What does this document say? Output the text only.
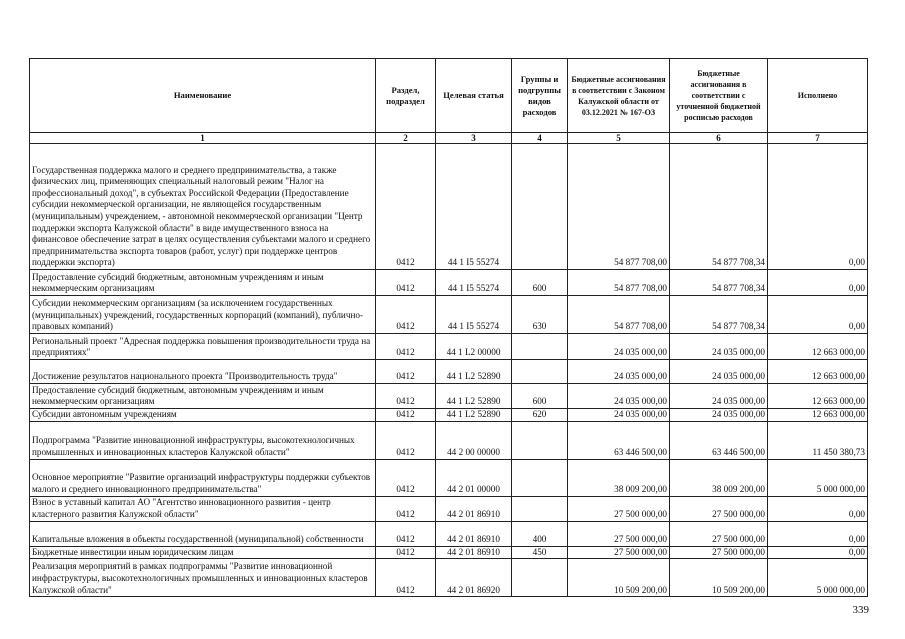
Наименование	Раздел, подраздел	Целевая статья	Группы и подгруппы видов расходов	Бюджетные ассигнования в соответствии с Законом Калужской области от 03.12.2021 № 167-ОЗ	Бюджетные ассигнования в соответствии с уточненной бюджетной росписью расходов	Исполнено
1	2	3	4	5	6	7
Государственная поддержка малого и среднего предпринимательства, а также физических лиц, применяющих специальный налоговый режим "Налог на профессиональный доход", в субъектах Российской Федерации (Предоставление субсидии некоммерческой организации, не являющейся государственным (муниципальным) учреждением, - автономной некоммерческой организации "Центр поддержки экспорта Калужской области" в виде имущественного взноса на финансовое обеспечение затрат в целях осуществления субъектами малого и среднего предпринимательства экспорта товаров (работ, услуг) при поддержке центров поддержки экспорта)	0412	44 1 I5 55274		54 877 708,00	54 877 708,34	0,00
Предоставление субсидий бюджетным, автономным учреждениям и иным некоммерческим организациям	0412	44 1 I5 55274	600	54 877 708,00	54 877 708,34	0,00
Субсидии некоммерческим организациям (за исключением государственных (муниципальных) учреждений, государственных корпораций (компаний), публично-правовых компаний)	0412	44 1 I5 55274	630	54 877 708,00	54 877 708,34	0,00
Региональный проект "Адресная поддержка повышения производительности труда на предприятиях"	0412	44 1 L2 00000		24 035 000,00	24 035 000,00	12 663 000,00
Достижение результатов национального проекта "Производительность труда"	0412	44 1 L2 52890		24 035 000,00	24 035 000,00	12 663 000,00
Предоставление субсидий бюджетным, автономным учреждениям и иным некоммерческим организациям	0412	44 1 L2 52890	600	24 035 000,00	24 035 000,00	12 663 000,00
Субсидии автономным учреждениям	0412	44 1 L2 52890	620	24 035 000,00	24 035 000,00	12 663 000,00
Подпрограмма "Развитие инновационной инфраструктуры, высокотехнологичных промышленных и инновационных кластеров Калужской области"	0412	44 2 00 00000		63 446 500,00	63 446 500,00	11 450 380,73
Основное мероприятие "Развитие организаций инфраструктуры поддержки субъектов малого и среднего инновационного предпринимательства"	0412	44 2 01 00000		38 009 200,00	38 009 200,00	5 000 000,00
Взнос в уставный капитал АО "Агентство инновационного развития - центр кластерного развития Калужской области"	0412	44 2 01 86910		27 500 000,00	27 500 000,00	0,00
Капитальные вложения в объекты государственной (муниципальной) собственности	0412	44 2 01 86910	400	27 500 000,00	27 500 000,00	0,00
Бюджетные инвестиции иным юридическим лицам	0412	44 2 01 86910	450	27 500 000,00	27 500 000,00	0,00
Реализация мероприятий в рамках подпрограммы "Развитие инновационной инфраструктуры, высокотехнологичных промышленных и инновационных кластеров Калужской области"	0412	44 2 01 86920		10 509 200,00	10 509 200,00	5 000 000,00
339
